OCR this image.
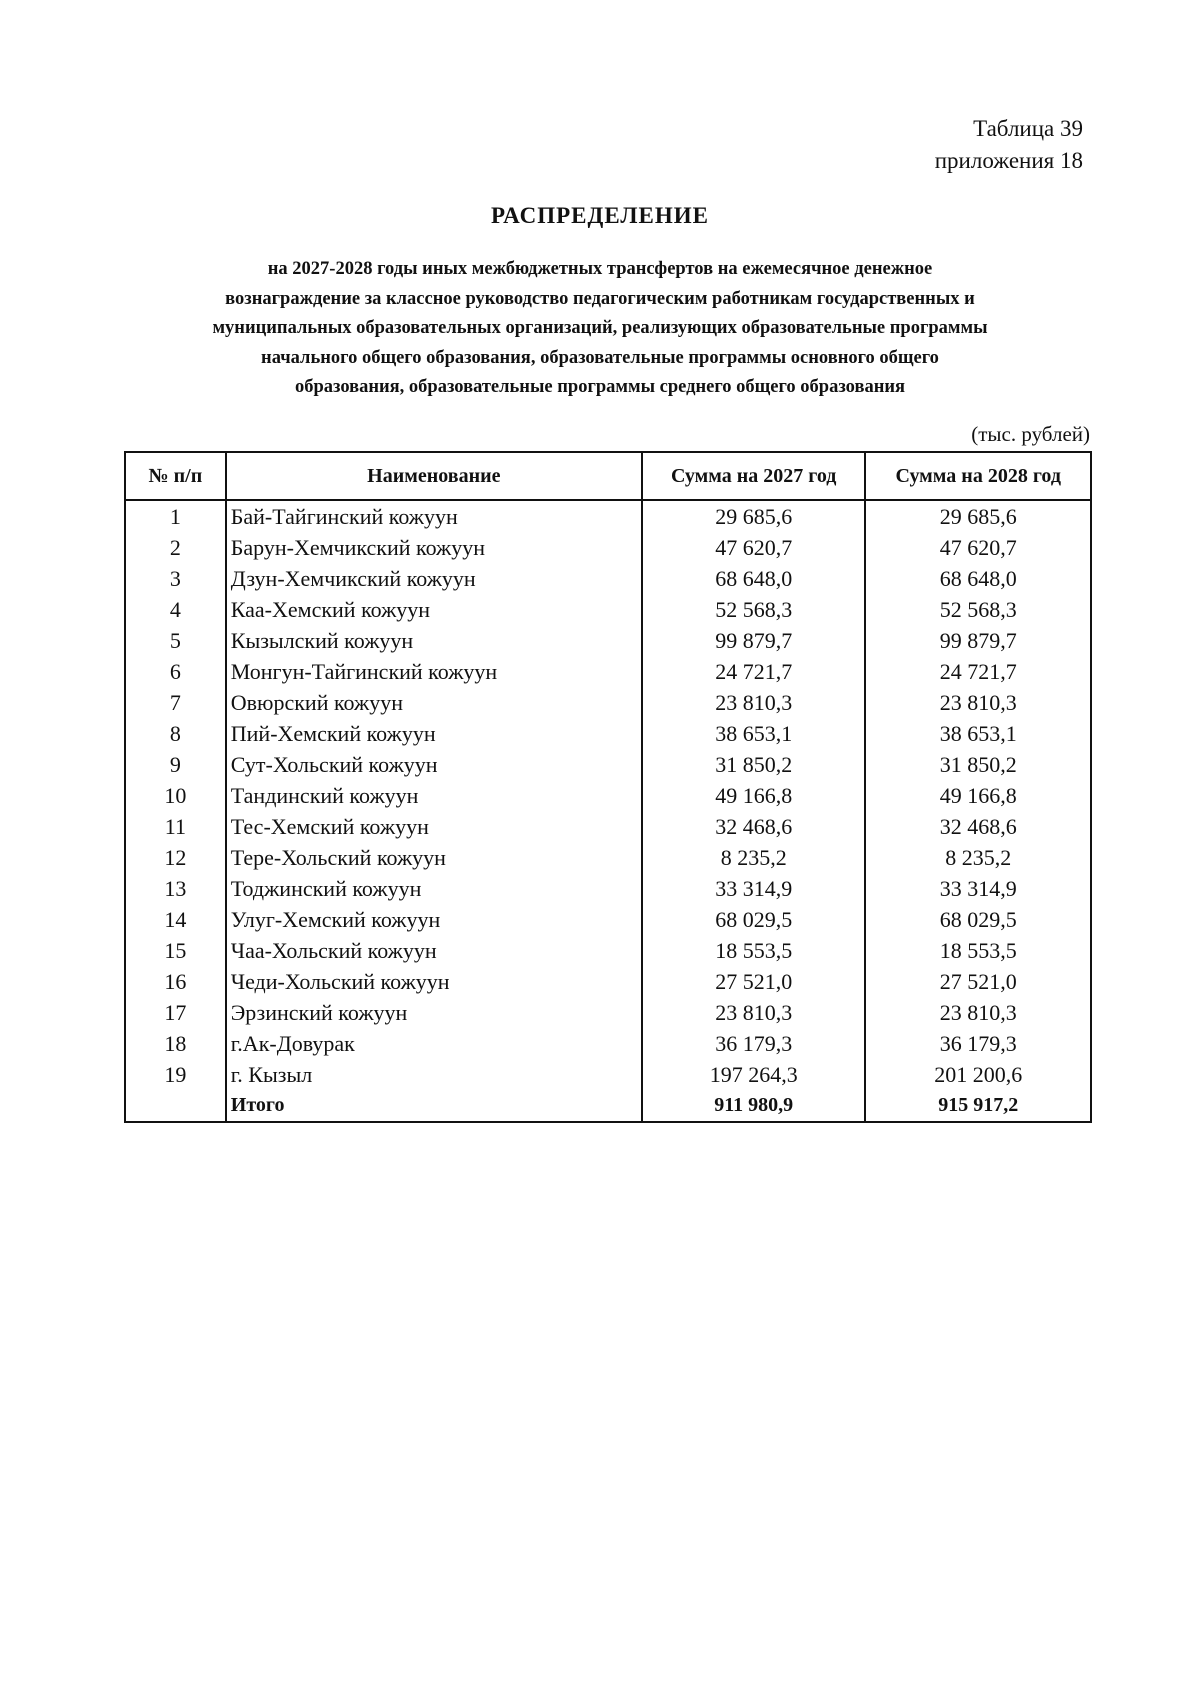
Таблица 39
приложения 18
РАСПРЕДЕЛЕНИЕ
на 2027-2028 годы иных межбюджетных трансфертов на ежемесячное денежное
вознаграждение за классное руководство педагогическим работникам государственных и
муниципальных образовательных организаций, реализующих образовательные программы
начального общего образования, образовательные программы основного общего
образования, образовательные программы среднего общего образования
(тыс. рублей)
№ п/п	Наименование	Сумма на 2027 год	Сумма на 2028 год
1	Бай-Тайгинский кожуун	29 685,6	29 685,6
2	Барун-Хемчикский кожуун	47 620,7	47 620,7
3	Дзун-Хемчикский кожуун	68 648,0	68 648,0
4	Каа-Хемский кожуун	52 568,3	52 568,3
5	Кызылский кожуун	99 879,7	99 879,7
6	Монгун-Тайгинский кожуун	24 721,7	24 721,7
7	Овюрский кожуун	23 810,3	23 810,3
8	Пий-Хемский кожуун	38 653,1	38 653,1
9	Сут-Хольский кожуун	31 850,2	31 850,2
10	Тандинский кожуун	49 166,8	49 166,8
11	Тес-Хемский кожуун	32 468,6	32 468,6
12	Тере-Хольский кожуун	8 235,2	8 235,2
13	Тоджинский кожуун	33 314,9	33 314,9
14	Улуг-Хемский кожуун	68 029,5	68 029,5
15	Чаа-Хольский кожуун	18 553,5	18 553,5
16	Чеди-Хольский кожуун	27 521,0	27 521,0
17	Эрзинский кожуун	23 810,3	23 810,3
18	г.Ак-Довурак	36 179,3	36 179,3
19	г. Кызыл	197 264,3	201 200,6
	Итого	911 980,9	915 917,2
